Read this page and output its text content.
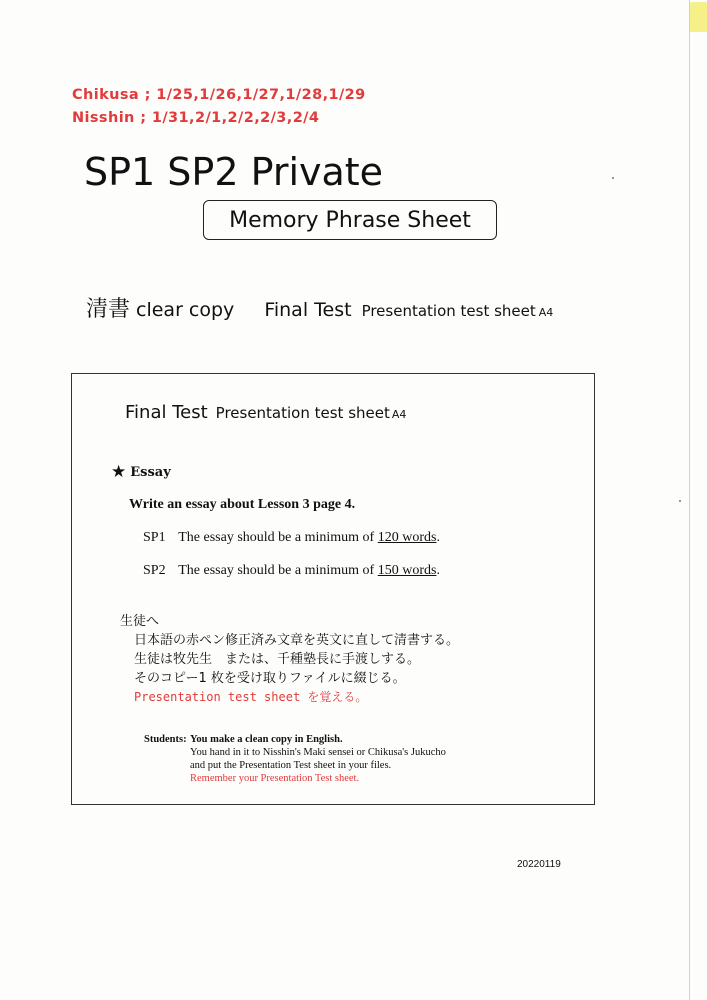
Chikusa ; 1/25,1/26,1/27,1/28,1/29
Nisshin ; 1/31,2/1,2/2,2/3,2/4
SP1 SP2 Private
Memory Phrase Sheet
清書 clear copy Final Test Presentation test sheet A4
Final Test Presentation test sheet A4
★ Essay
Write an essay about Lesson 3 page 4.
SP1 The essay should be a minimum of 120 words.
SP2 The essay should be a minimum of 150 words.
生徒へ
日本語の赤ペン修正済み文章を英文に直して清書する。
生徒は牧先生　または、千種塾長に手渡しする。
そのコピー1 枚を受け取りファイルに綴じる。
Presentation test sheet を覚える。
Students: You make a clean copy in English.
You hand in it to Nisshin's Maki sensei or Chikusa's Jukucho
and put the Presentation Test sheet in your files.
Remember your Presentation Test sheet.
20220119
